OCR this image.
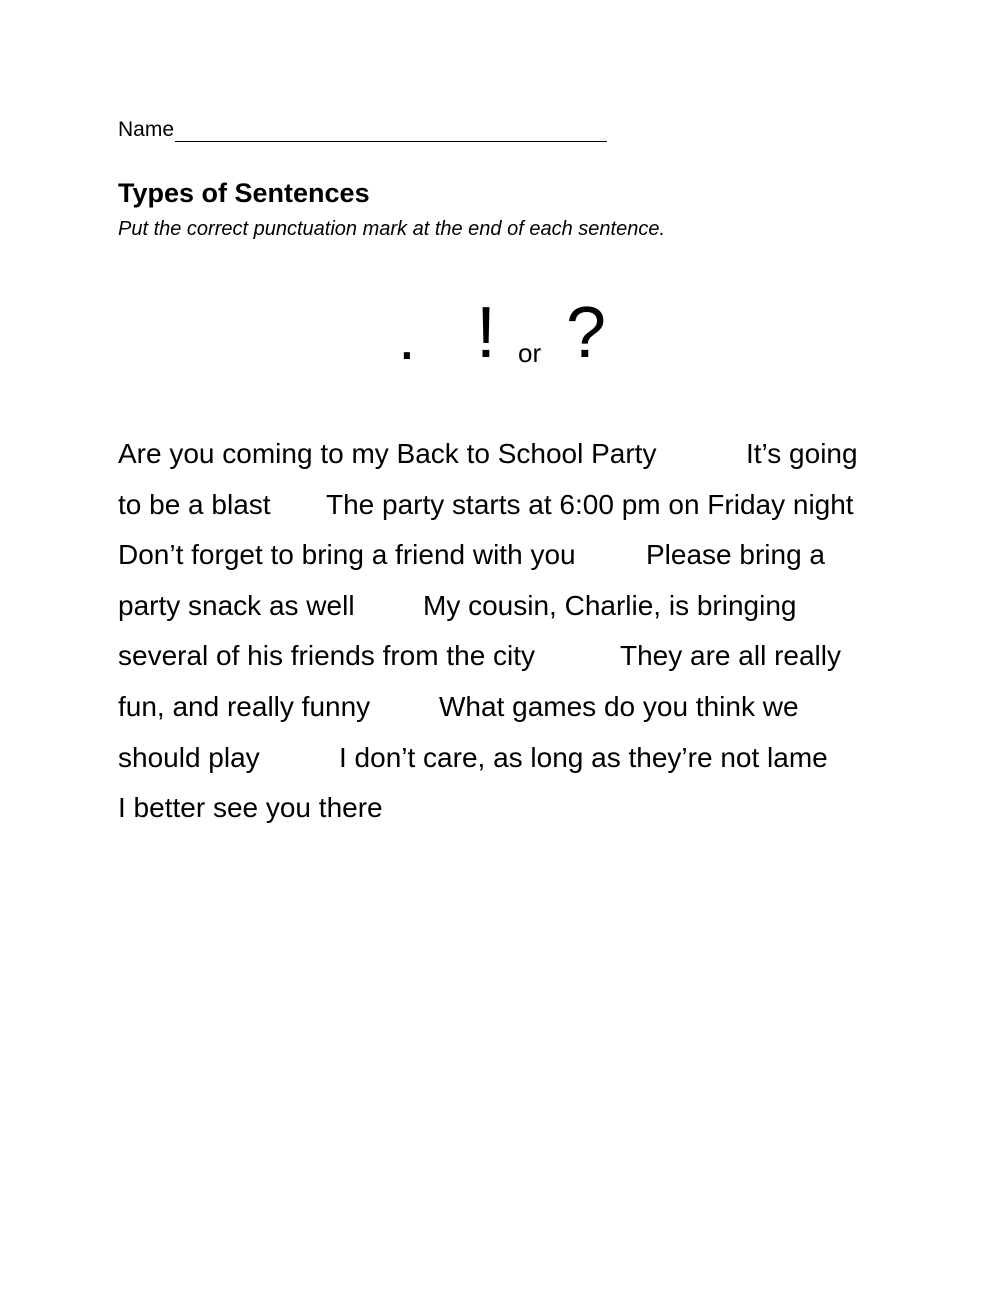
Name
Types of Sentences
Put the correct punctuation mark at the end of each sentence.
. ! or ?
Are you coming to my Back to School Party	It’s going
to be a blast The party starts at 6:00 pm on Friday night
Don’t forget to bring a friend with you	Please bring a
party snack as well My cousin, Charlie, is bringing
several of his friends from the city	They are all really
fun, and really funny What games do you think we
should play	I don’t care, as long as they’re not lame
I better see you there
